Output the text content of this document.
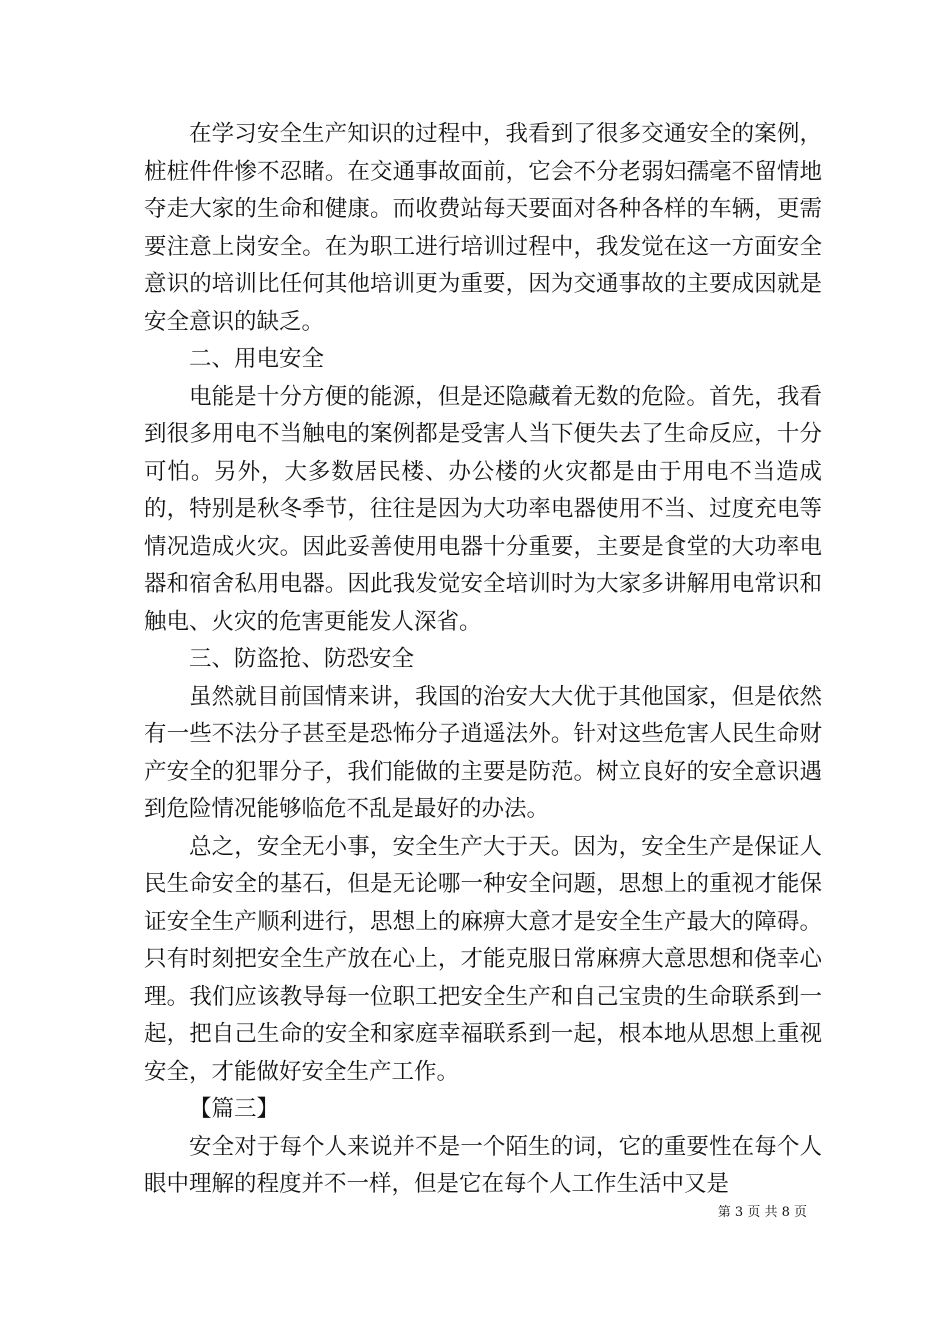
在学习安全生产知识的过程中，我看到了很多交通安全的案例，桩桩件件惨不忍睹。在交通事故面前，它会不分老弱妇孺毫不留情地夺走大家的生命和健康。而收费站每天要面对各种各样的车辆，更需要注意上岗安全。在为职工进行培训过程中，我发觉在这一方面安全意识的培训比任何其他培训更为重要，因为交通事故的主要成因就是安全意识的缺乏。

二、用电安全

电能是十分方便的能源，但是还隐藏着无数的危险。首先，我看到很多用电不当触电的案例都是受害人当下便失去了生命反应，十分可怕。另外，大多数居民楼、办公楼的火灾都是由于用电不当造成的，特别是秋冬季节，往往是因为大功率电器使用不当、过度充电等情况造成火灾。因此妥善使用电器十分重要，主要是食堂的大功率电器和宿舍私用电器。因此我发觉安全培训时为大家多讲解用电常识和触电、火灾的危害更能发人深省。

三、防盗抢、防恐安全

虽然就目前国情来讲，我国的治安大大优于其他国家，但是依然有一些不法分子甚至是恐怖分子逍遥法外。针对这些危害人民生命财产安全的犯罪分子，我们能做的主要是防范。树立良好的安全意识遇到危险情况能够临危不乱是最好的办法。

总之，安全无小事，安全生产大于天。因为，安全生产是保证人民生命安全的基石，但是无论哪一种安全问题，思想上的重视才能保证安全生产顺利进行，思想上的麻痹大意才是安全生产最大的障碍。只有时刻把安全生产放在心上，才能克服日常麻痹大意思想和侥幸心理。我们应该教导每一位职工把安全生产和自己宝贵的生命联系到一起，把自己生命的安全和家庭幸福联系到一起，根本地从思想上重视安全，才能做好安全生产工作。

【篇三】

安全对于每个人来说并不是一个陌生的词，它的重要性在每个人眼中理解的程度并不一样，但是它在每个人工作生活中又是

第 3 页 共 8 页
